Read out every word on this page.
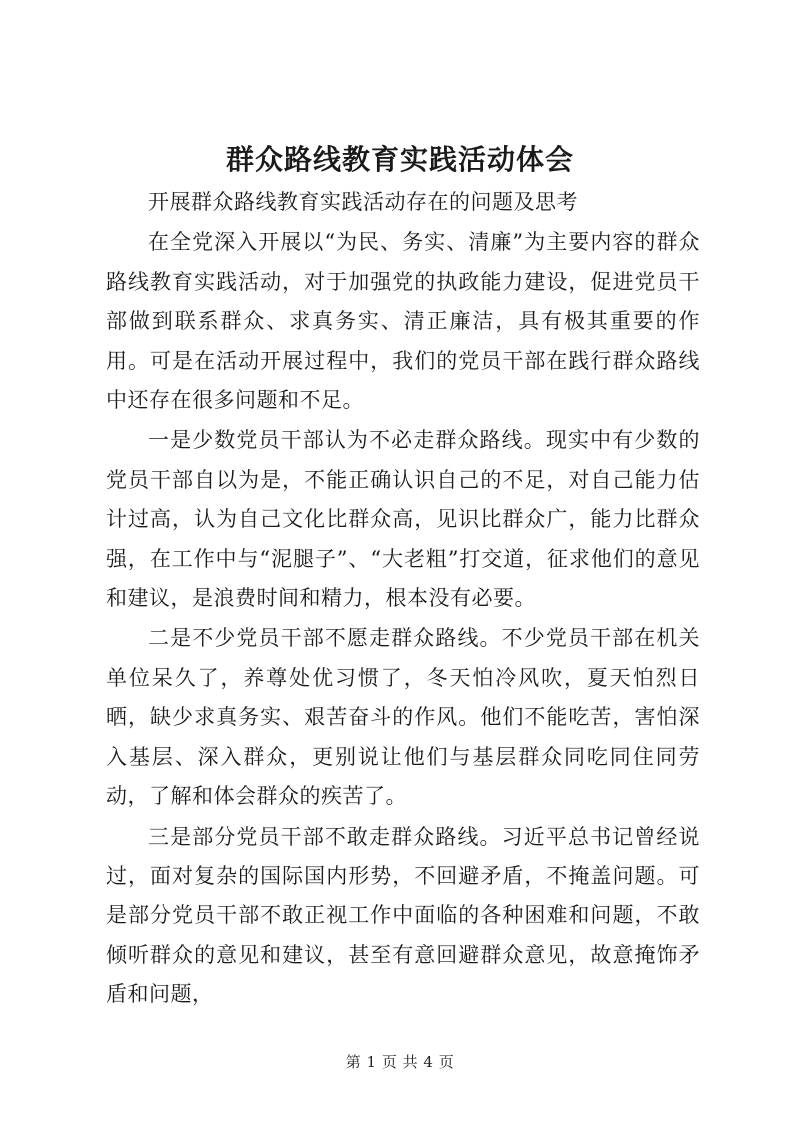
群众路线教育实践活动体会

开展群众路线教育实践活动存在的问题及思考

在全党深入开展以“为民、务实、清廉”为主要内容的群众路线教育实践活动，对于加强党的执政能力建设，促进党员干部做到联系群众、求真务实、清正廉洁，具有极其重要的作用。可是在活动开展过程中，我们的党员干部在践行群众路线中还存在很多问题和不足。

一是少数党员干部认为不必走群众路线。现实中有少数的党员干部自以为是，不能正确认识自己的不足，对自己能力估计过高，认为自己文化比群众高，见识比群众广，能力比群众强，在工作中与“泥腿子”、“大老粗”打交道，征求他们的意见和建议，是浪费时间和精力，根本没有必要。

二是不少党员干部不愿走群众路线。不少党员干部在机关单位呆久了，养尊处优习惯了，冬天怕冷风吹，夏天怕烈日晒，缺少求真务实、艰苦奋斗的作风。他们不能吃苦，害怕深入基层、深入群众，更别说让他们与基层群众同吃同住同劳动，了解和体会群众的疾苦了。

三是部分党员干部不敢走群众路线。习近平总书记曾经说过，面对复杂的国际国内形势，不回避矛盾，不掩盖问题。可是部分党员干部不敢正视工作中面临的各种困难和问题，不敢倾听群众的意见和建议，甚至有意回避群众意见，故意掩饰矛盾和问题，

第 1 页 共 4 页
